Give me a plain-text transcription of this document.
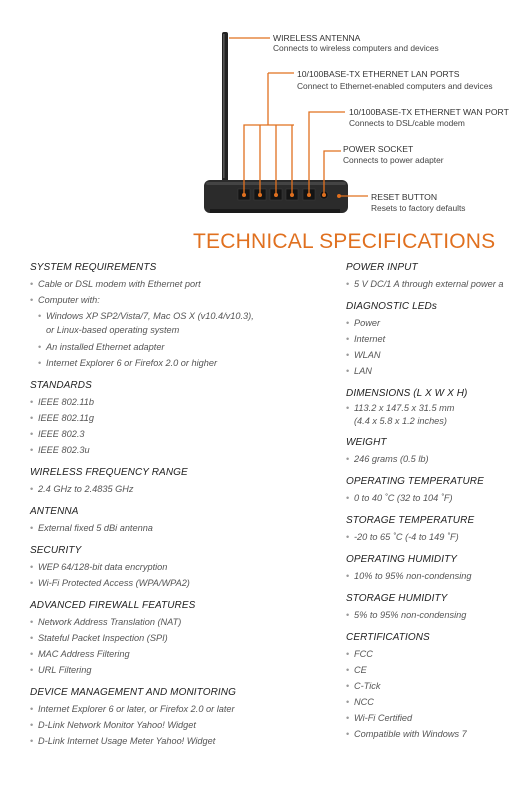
WIRELESS ANTENNA
Connects to wireless computers and devices
10/100BASE-TX ETHERNET LAN PORTS
Connect to Ethernet-enabled computers and devices
10/100BASE-TX ETHERNET WAN PORT
Connects to DSL/cable modem
POWER SOCKET
Connects to power adapter
RESET BUTTON
Resets to factory defaults
TECHNICAL SPECIFICATIONS
SYSTEM REQUIREMENTS
• Cable or DSL modem with Ethernet port
• Computer with:
• Windows XP SP2/Vista/7, Mac OS X (v10.4/v10.3),
or Linux-based operating system
• An installed Ethernet adapter
• Internet Explorer 6 or Firefox 2.0 or higher
STANDARDS
• IEEE 802.11b
• IEEE 802.11g
• IEEE 802.3
• IEEE 802.3u
WIRELESS FREQUENCY RANGE
• 2.4 GHz to 2.4835 GHz
ANTENNA
• External fixed 5 dBi antenna
SECURITY
• WEP 64/128-bit data encryption
• Wi-Fi Protected Access (WPA/WPA2)
ADVANCED FIREWALL FEATURES
• Network Address Translation (NAT)
• Stateful Packet Inspection (SPI)
• MAC Address Filtering
• URL Filtering
DEVICE MANAGEMENT AND MONITORING
• Internet Explorer 6 or later, or Firefox 2.0 or later
• D-Link Network Monitor Yahoo! Widget
• D-Link Internet Usage Meter Yahoo! Widget
POWER INPUT
• 5 V DC/1 A through external power a
DIAGNOSTIC LEDs
• Power
• Internet
• WLAN
• LAN
DIMENSIONS (L X W X H)
• 113.2 x 147.5 x 31.5 mm
(4.4 x 5.8 x 1.2 inches)
WEIGHT
• 246 grams (0.5 lb)
OPERATING TEMPERATURE
• 0 to 40 ˚C (32 to 104 ˚F)
STORAGE TEMPERATURE
• -20 to 65 ˚C (-4 to 149 ˚F)
OPERATING HUMIDITY
• 10% to 95% non-condensing
STORAGE HUMIDITY
• 5% to 95% non-condensing
CERTIFICATIONS
• FCC
• CE
• C-Tick
• NCC
• Wi-Fi Certified
• Compatible with Windows 7
